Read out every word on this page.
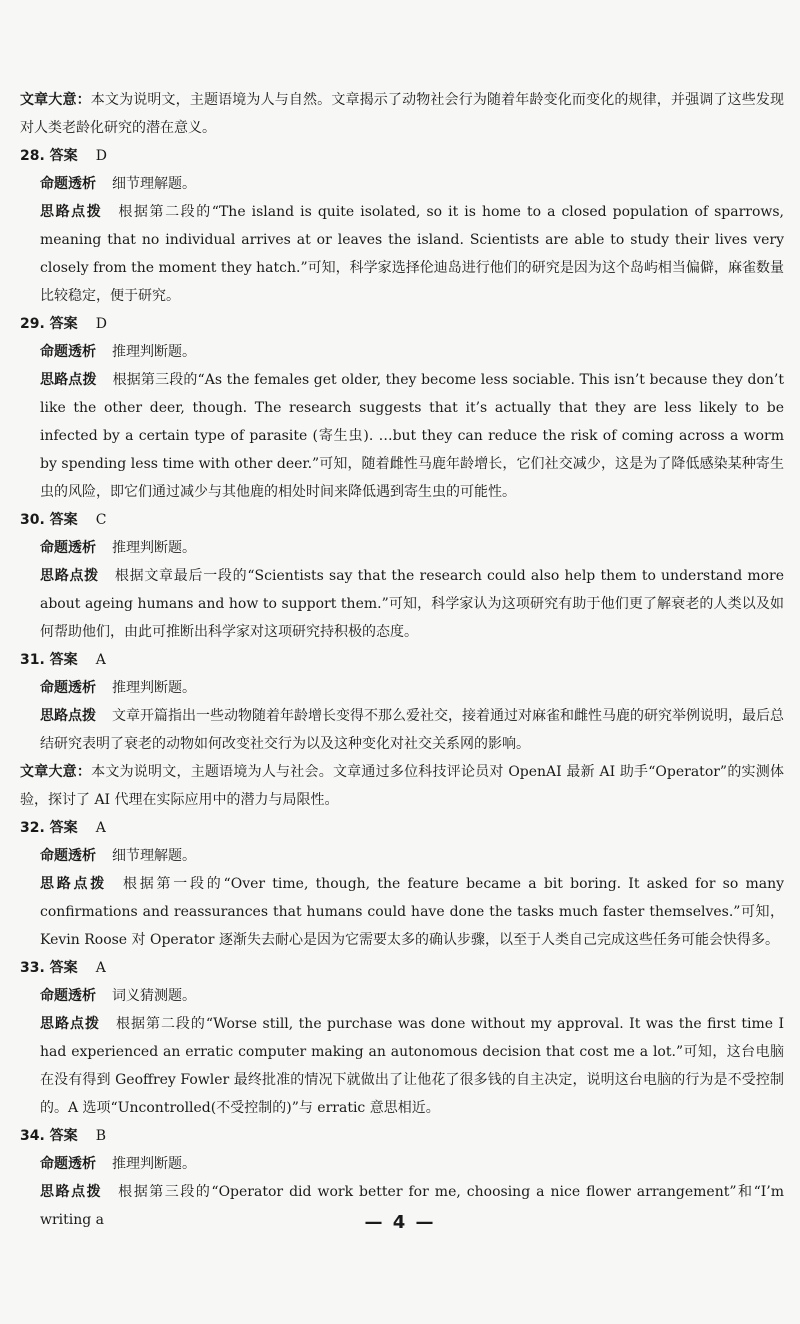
文章大意：本文为说明文，主题语境为人与自然。文章揭示了动物社会行为随着年龄变化而变化的规律，并强调了这些发现对人类老龄化研究的潜在意义。

28. 答案 D

命题透析 细节理解题。

思路点拨 根据第二段的“The island is quite isolated, so it is home to a closed population of sparrows, meaning that no individual arrives at or leaves the island. Scientists are able to study their lives very closely from the moment they hatch.”可知，科学家选择伦迪岛进行他们的研究是因为这个岛屿相当偏僻，麻雀数量比较稳定，便于研究。

29. 答案 D

命题透析 推理判断题。

思路点拨 根据第三段的“As the females get older, they become less sociable. This isn’t because they don’t like the other deer, though. The research suggests that it’s actually that they are less likely to be infected by a certain type of parasite (寄生虫). …but they can reduce the risk of coming across a worm by spending less time with other deer.”可知，随着雌性马鹿年龄增长，它们社交减少，这是为了降低感染某种寄生虫的风险，即它们通过减少与其他鹿的相处时间来降低遇到寄生虫的可能性。

30. 答案 C

命题透析 推理判断题。

思路点拨 根据文章最后一段的“Scientists say that the research could also help them to understand more about ageing humans and how to support them.”可知，科学家认为这项研究有助于他们更了解衰老的人类以及如何帮助他们，由此可推断出科学家对这项研究持积极的态度。

31. 答案 A

命题透析 推理判断题。

思路点拨 文章开篇指出一些动物随着年龄增长变得不那么爱社交，接着通过对麻雀和雌性马鹿的研究举例说明，最后总结研究表明了衰老的动物如何改变社交行为以及这种变化对社交关系网的影响。

文章大意：本文为说明文，主题语境为人与社会。文章通过多位科技评论员对 OpenAI 最新 AI 助手“Operator”的实测体验，探讨了 AI 代理在实际应用中的潜力与局限性。

32. 答案 A

命题透析 细节理解题。

思路点拨 根据第一段的“Over time, though, the feature became a bit boring. It asked for so many confirmations and reassurances that humans could have done the tasks much faster themselves.”可知，Kevin Roose 对 Operator 逐渐失去耐心是因为它需要太多的确认步骤，以至于人类自己完成这些任务可能会快得多。

33. 答案 A

命题透析 词义猜测题。

思路点拨 根据第二段的“Worse still, the purchase was done without my approval. It was the first time I had experienced an erratic computer making an autonomous decision that cost me a lot.”可知，这台电脑在没有得到 Geoffrey Fowler 最终批准的情况下就做出了让他花了很多钱的自主决定，说明这台电脑的行为是不受控制的。A 选项“Uncontrolled(不受控制的)”与 erratic 意思相近。

34. 答案 B

命题透析 推理判断题。

思路点拨 根据第三段的“Operator did work better for me, choosing a nice flower arrangement”和“I’m writing a	— 4 —
